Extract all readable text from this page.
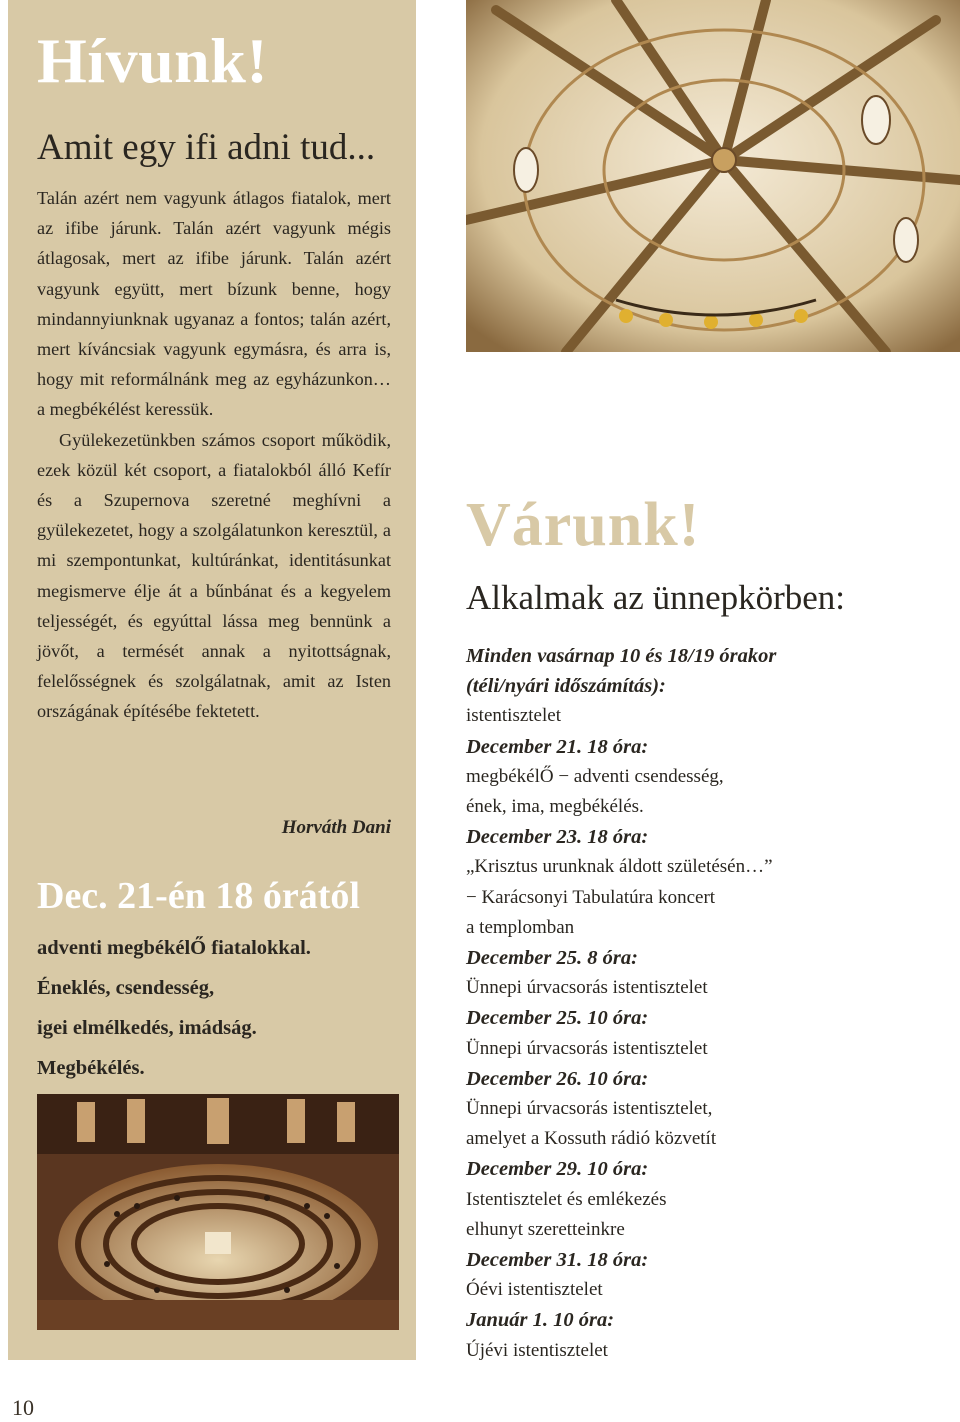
Hívunk!
Amit egy ifi adni tud...

Talán azért nem vagyunk átlagos fiatalok, mert az ifibe járunk. Talán azért vagyunk mégis átlagosak, mert az ifibe járunk. Talán azért vagyunk együtt, mert bízunk benne, hogy mindannyiunknak ugyanaz a fontos; talán azért, mert kíváncsiak vagyunk egymásra, és arra is, hogy mit reformálnánk meg az egyházunkon… a megbékélést keressük.

Gyülekezetünkben számos csoport működik, ezek közül két csoport, a fiatalokból álló Kefír és a Szupernova szeretné meghívni a gyülekezetet, hogy a szolgálatunkon keresztül, a mi szempontunkat, kultúránkat, identitásunkat megismerve élje át a bűnbánat és a kegyelem teljességét, és egyúttal lássa meg bennünk a jövőt, a termését annak a nyitottságnak, felelősségnek és szolgálatnak, amit az Isten országának építésébe fektetett.

Horváth Dani
Dec. 21-én 18 órától
adventi megbékélŐ fiatalokkal.
Éneklés, csendesség,
igei elmélkedés, imádság.
Megbékélés.
10
Várunk!
Alkalmak az ünnepkörben:
Minden vasárnap 10 és 18/19 órakor
(téli/nyári időszámítás):
istentisztelet
December 21. 18 óra:
megbékélŐ − adventi csendesség,
ének, ima, megbékélés.
December 23. 18 óra:
„Krisztus urunknak áldott születésén…”
− Karácsonyi Tabulatúra koncert
a templomban
December 25. 8 óra:
Ünnepi úrvacsorás istentisztelet
December 25. 10 óra:
Ünnepi úrvacsorás istentisztelet
December 26. 10 óra:
Ünnepi úrvacsorás istentisztelet,
amelyet a Kossuth rádió közvetít
December 29. 10 óra:
Istentisztelet és emlékezés
elhunyt szeretteinkre
December 31. 18 óra:
Óévi istentisztelet
Január 1. 10 óra:
Újévi istentisztelet
